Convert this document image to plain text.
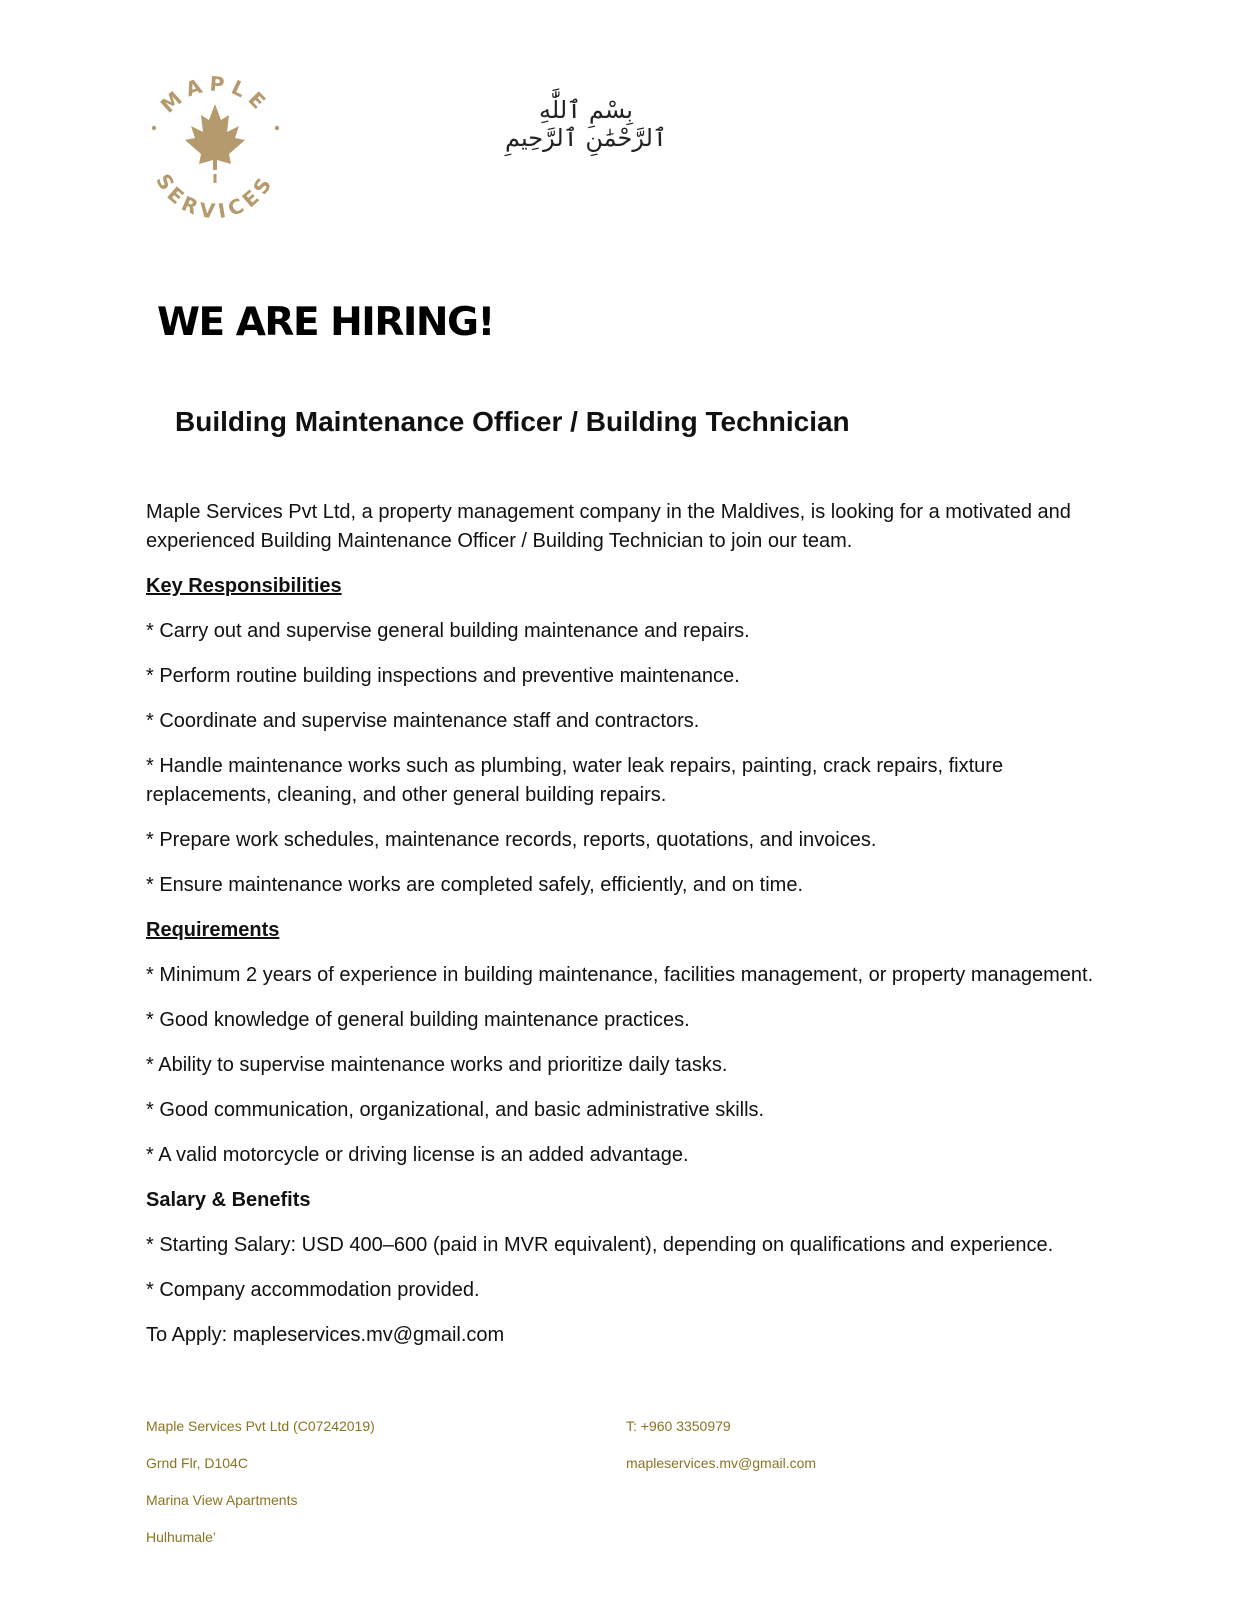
MAPLE
SERVICES
بِسْمِ ٱللَّٰهِ ٱلرَّحْمَٰنِ ٱلرَّحِيمِ
WE ARE HIRING!
Building Maintenance Officer / Building Technician

Maple Services Pvt Ltd, a property management company in the Maldives, is looking for a motivated and experienced Building Maintenance Officer / Building Technician to join our team.

Key Responsibilities

* Carry out and supervise general building maintenance and repairs.

* Perform routine building inspections and preventive maintenance.

* Coordinate and supervise maintenance staff and contractors.

* Handle maintenance works such as plumbing, water leak repairs, painting, crack repairs, fixture replacements, cleaning, and other general building repairs.

* Prepare work schedules, maintenance records, reports, quotations, and invoices.

* Ensure maintenance works are completed safely, efficiently, and on time.

Requirements

* Minimum 2 years of experience in building maintenance, facilities management, or property management.

* Good knowledge of general building maintenance practices.

* Ability to supervise maintenance works and prioritize daily tasks.

* Good communication, organizational, and basic administrative skills.

* A valid motorcycle or driving license is an added advantage.

Salary & Benefits

* Starting Salary: USD 400–600 (paid in MVR equivalent), depending on qualifications and experience.

* Company accommodation provided.

To Apply: mapleservices.mv@gmail.com

Maple Services Pvt Ltd (C07242019)
Grnd Flr, D104C
Marina View Apartments
Hulhumale’
T: +960 3350979
mapleservices.mv@gmail.com
